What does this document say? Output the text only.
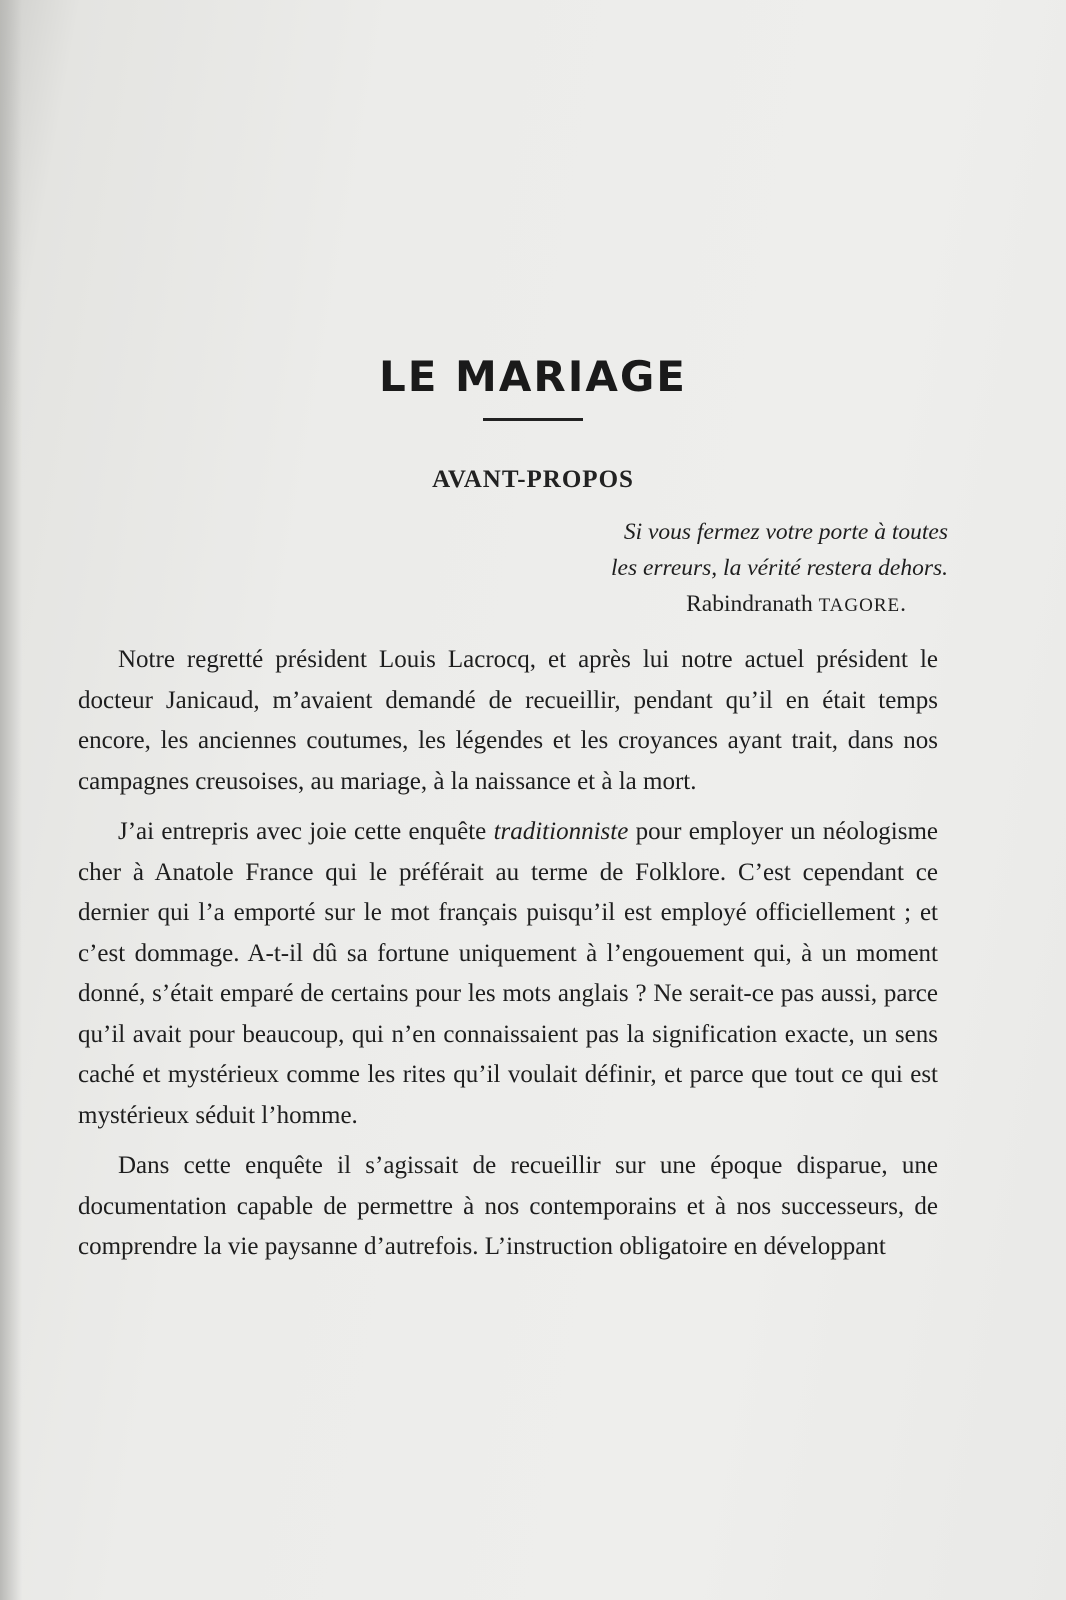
LE MARIAGE
AVANT-PROPOS
Si vous fermez votre porte à toutes
les erreurs, la vérité restera dehors.
Rabindranath TAGORE.

Notre regretté président Louis Lacrocq, et après lui notre actuel président le docteur Janicaud, m’avaient demandé de recueillir, pendant qu’il en était temps encore, les anciennes coutumes, les légendes et les croyances ayant trait, dans nos campagnes creusoises, au mariage, à la naissance et à la mort.

J’ai entrepris avec joie cette enquête traditionniste pour employer un néologisme cher à Anatole France qui le préférait au terme de Folklore. C’est cependant ce dernier qui l’a emporté sur le mot français puisqu’il est employé officiellement ; et c’est dommage. A-t-il dû sa fortune uniquement à l’engouement qui, à un moment donné, s’était emparé de certains pour les mots anglais ? Ne serait-ce pas aussi, parce qu’il avait pour beaucoup, qui n’en connaissaient pas la signification exacte, un sens caché et mystérieux comme les rites qu’il voulait définir, et parce que tout ce qui est mystérieux séduit l’homme.

Dans cette enquête il s’agissait de recueillir sur une époque disparue, une documentation capable de permettre à nos contemporains et à nos successeurs, de comprendre la vie paysanne d’autrefois. L’instruction obligatoire en développant
